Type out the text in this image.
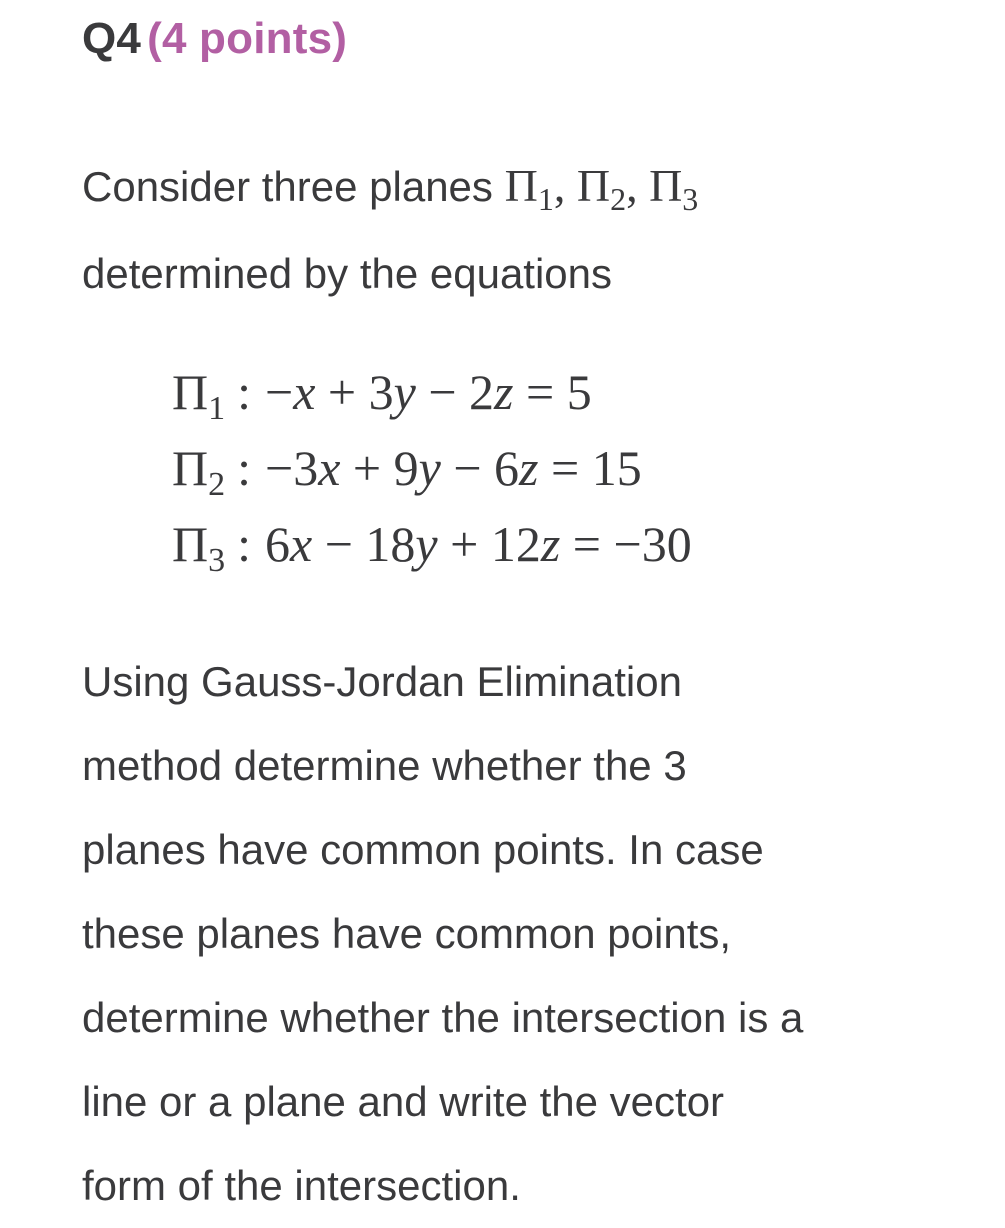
Q4 (4 points)

Consider three planes $\Pi_1$, $\Pi_2$, $\Pi_3$
determined by the equations

$\Pi_1$ : −x + 3y − 2z = 5
$\Pi_2$ : −3x + 9y − 6z = 15
$\Pi_3$ : 6x − 18y + 12z = −30

Using Gauss-Jordan Elimination
method determine whether the 3
planes have common points. In case
these planes have common points,
determine whether the intersection is a
line or a plane and write the vector
form of the intersection.
